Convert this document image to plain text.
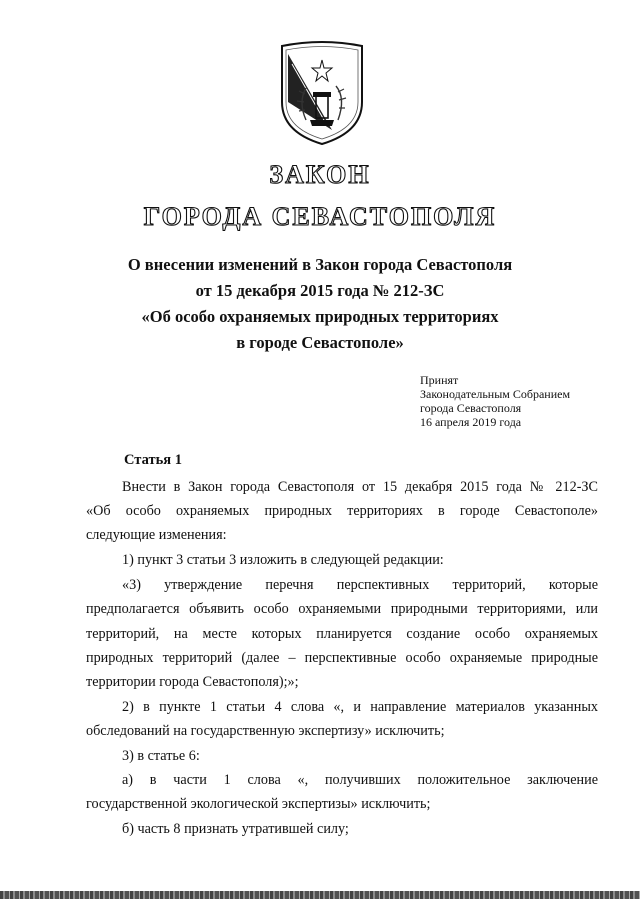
ЗАКОН
ГОРОДА СЕВАСТОПОЛЯ
О внесении изменений в Закон города Севастополя
от 15 декабря 2015 года № 212-ЗС
«Об особо охраняемых природных территориях
в городе Севастополе»
Принят
Законодательным Собранием
города Севастополя
16 апреля 2019 года
Статья 1
Внести в Закон города Севастополя от 15 декабря 2015 года № 212-ЗС
«Об особо охраняемых природных территориях в городе Севастополе»
следующие изменения:
1) пункт 3 статьи 3 изложить в следующей редакции:
«3) утверждение перечня перспективных территорий, которые
предполагается объявить особо охраняемыми природными территориями, или
территорий, на месте которых планируется создание особо охраняемых
природных территорий (далее – перспективные особо охраняемые природные
территории города Севастополя);»;
2) в пункте 1 статьи 4 слова «, и направление материалов указанных
обследований на государственную экспертизу» исключить;
3) в статье 6:
а) в части 1 слова «, получивших положительное заключение
государственной экологической экспертизы» исключить;
б) часть 8 признать утратившей силу;
